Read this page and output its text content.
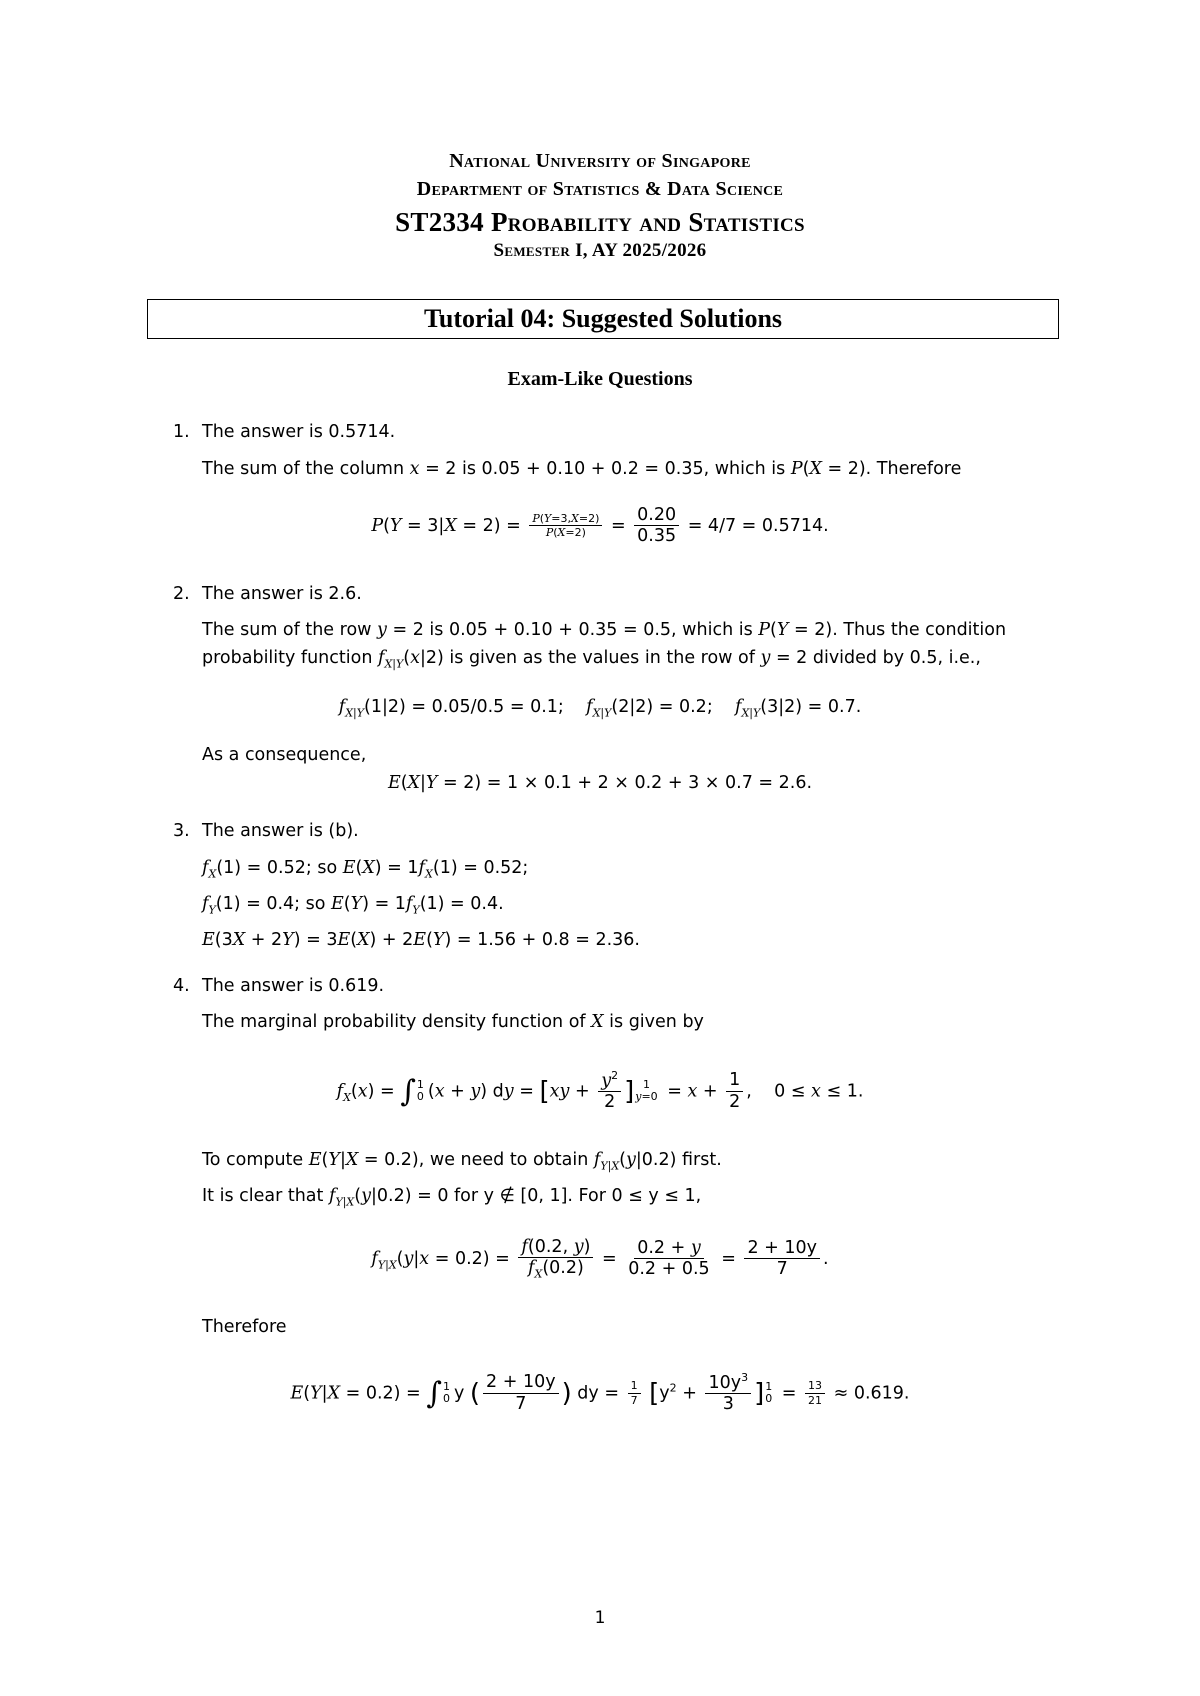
National University of Singapore
Department of Statistics & Data Science
ST2334 Probability and Statistics
Semester I, AY 2025/2026
Tutorial 04: Suggested Solutions
Exam-Like Questions
1. The answer is 0.5714.
The sum of the column x = 2 is 0.05 + 0.10 + 0.2 = 0.35, which is P(X = 2). Therefore
$P(Y = 3|X = 2) = \frac{P(Y=3,X=2)}{P(X=2)} = \frac{0.20}{0.35} = 4/7 = 0.5714$.
2. The answer is 2.6.
The sum of the row y = 2 is 0.05 + 0.10 + 0.35 = 0.5, which is P(Y = 2). Thus the condition
probability function $f_{X|Y}(x|2)$ is given as the values in the row of y = 2 divided by 0.5, i.e.,
$f_{X|Y}(1|2) = 0.05/0.5 = 0.1$;    $f_{X|Y}(2|2) = 0.2$;    $f_{X|Y}(3|2) = 0.7$.
As a consequence,
E(X|Y = 2) = 1 × 0.1 + 2 × 0.2 + 3 × 0.7 = 2.6.
3. The answer is (b).
$f_X(1) = 0.52$; so $E(X) = 1f_X(1) = 0.52$;
$f_Y(1) = 0.4$; so $E(Y) = 1f_Y(1) = 0.4$.
E(3X + 2Y) = 3E(X) + 2E(Y) = 1.56 + 0.8 = 2.36.
4. The answer is 0.619.
The marginal probability density function of X is given by
$f_X(x)$ = ∫ 1
0 (x + y) dy = [$xy + \frac{y^2}{2}$ ] 1
$y=0 = x + \frac{1}{2}$ ,    0 ≤ x ≤ 1.
To compute E(Y|X = 0.2), we need to obtain $f_{Y|X}(y|0.2)$ first.
It is clear that $f_{Y|X}(y|0.2) = 0$ for y ∉ [0, 1]. For 0 ≤ y ≤ 1,
$f_{Y|X}(y|x = 0.2) = \frac{f(0.2, y)}{f_X(0.2)} = \frac{0.2 + y}{0.2 + 0.5} = \frac{2 + 10y}{7}$ .
Therefore
E(Y|X = 0.2) = ∫ 1
0 y ( $\frac{2 + 10y}{7}$ ) dy = $\frac{1}{7} [y^2 + \frac{10y^3}{3}$ ] 1
$0 = \frac{13}{21} \approx 0.619$.
1
